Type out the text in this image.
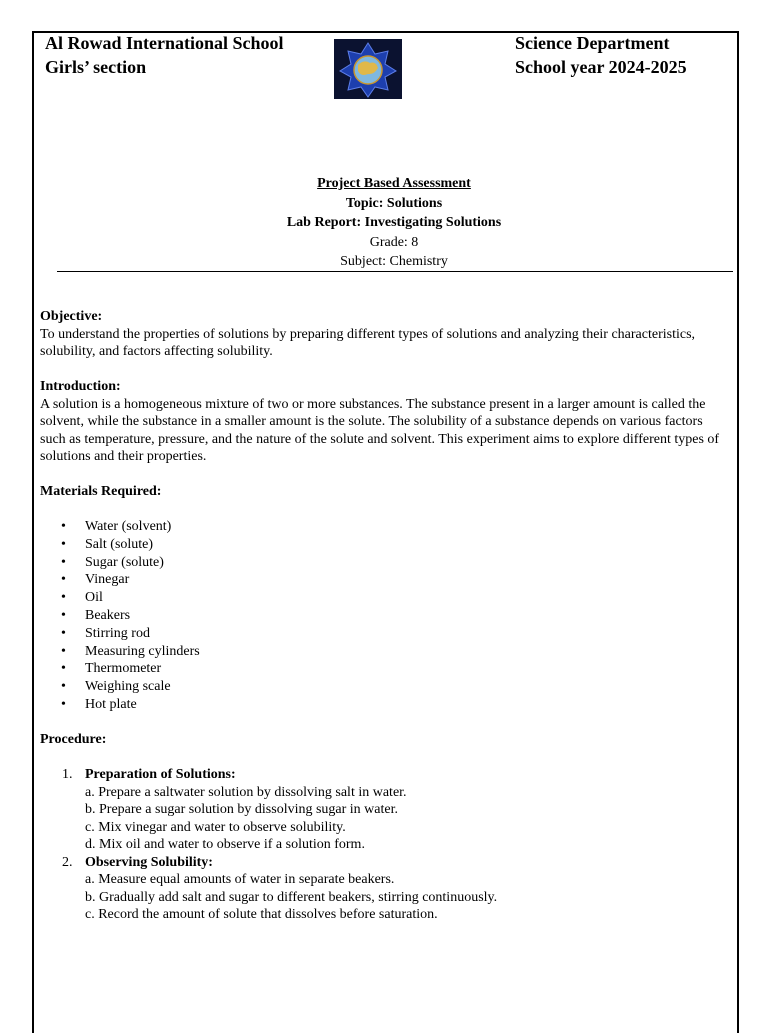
Al Rowad International School
Girls’ section
Science Department
School year 2024-2025
Project Based Assessment
Topic: Solutions
Lab Report: Investigating Solutions
Grade: 8
Subject: Chemistry
Objective:

To understand the properties of solutions by preparing different types of solutions and analyzing their characteristics, solubility, and factors affecting solubility.

Introduction:

A solution is a homogeneous mixture of two or more substances. The substance present in a larger amount is called the solvent, while the substance in a smaller amount is the solute. The solubility of a substance depends on various factors such as temperature, pressure, and the nature of the solute and solvent. This experiment aims to explore different types of solutions and their properties.

Materials Required:
• Water (solvent)
• Salt (solute)
• Sugar (solute)
• Vinegar
• Oil
• Beakers
• Stirring rod
• Measuring cylinders
• Thermometer
• Weighing scale
• Hot plate
Procedure:
1. Preparation of Solutions:
a. Prepare a saltwater solution by dissolving salt in water.
b. Prepare a sugar solution by dissolving sugar in water.
c. Mix vinegar and water to observe solubility.
d. Mix oil and water to observe if a solution form.
2. Observing Solubility:
a. Measure equal amounts of water in separate beakers.
b. Gradually add salt and sugar to different beakers, stirring continuously.
c. Record the amount of solute that dissolves before saturation.
